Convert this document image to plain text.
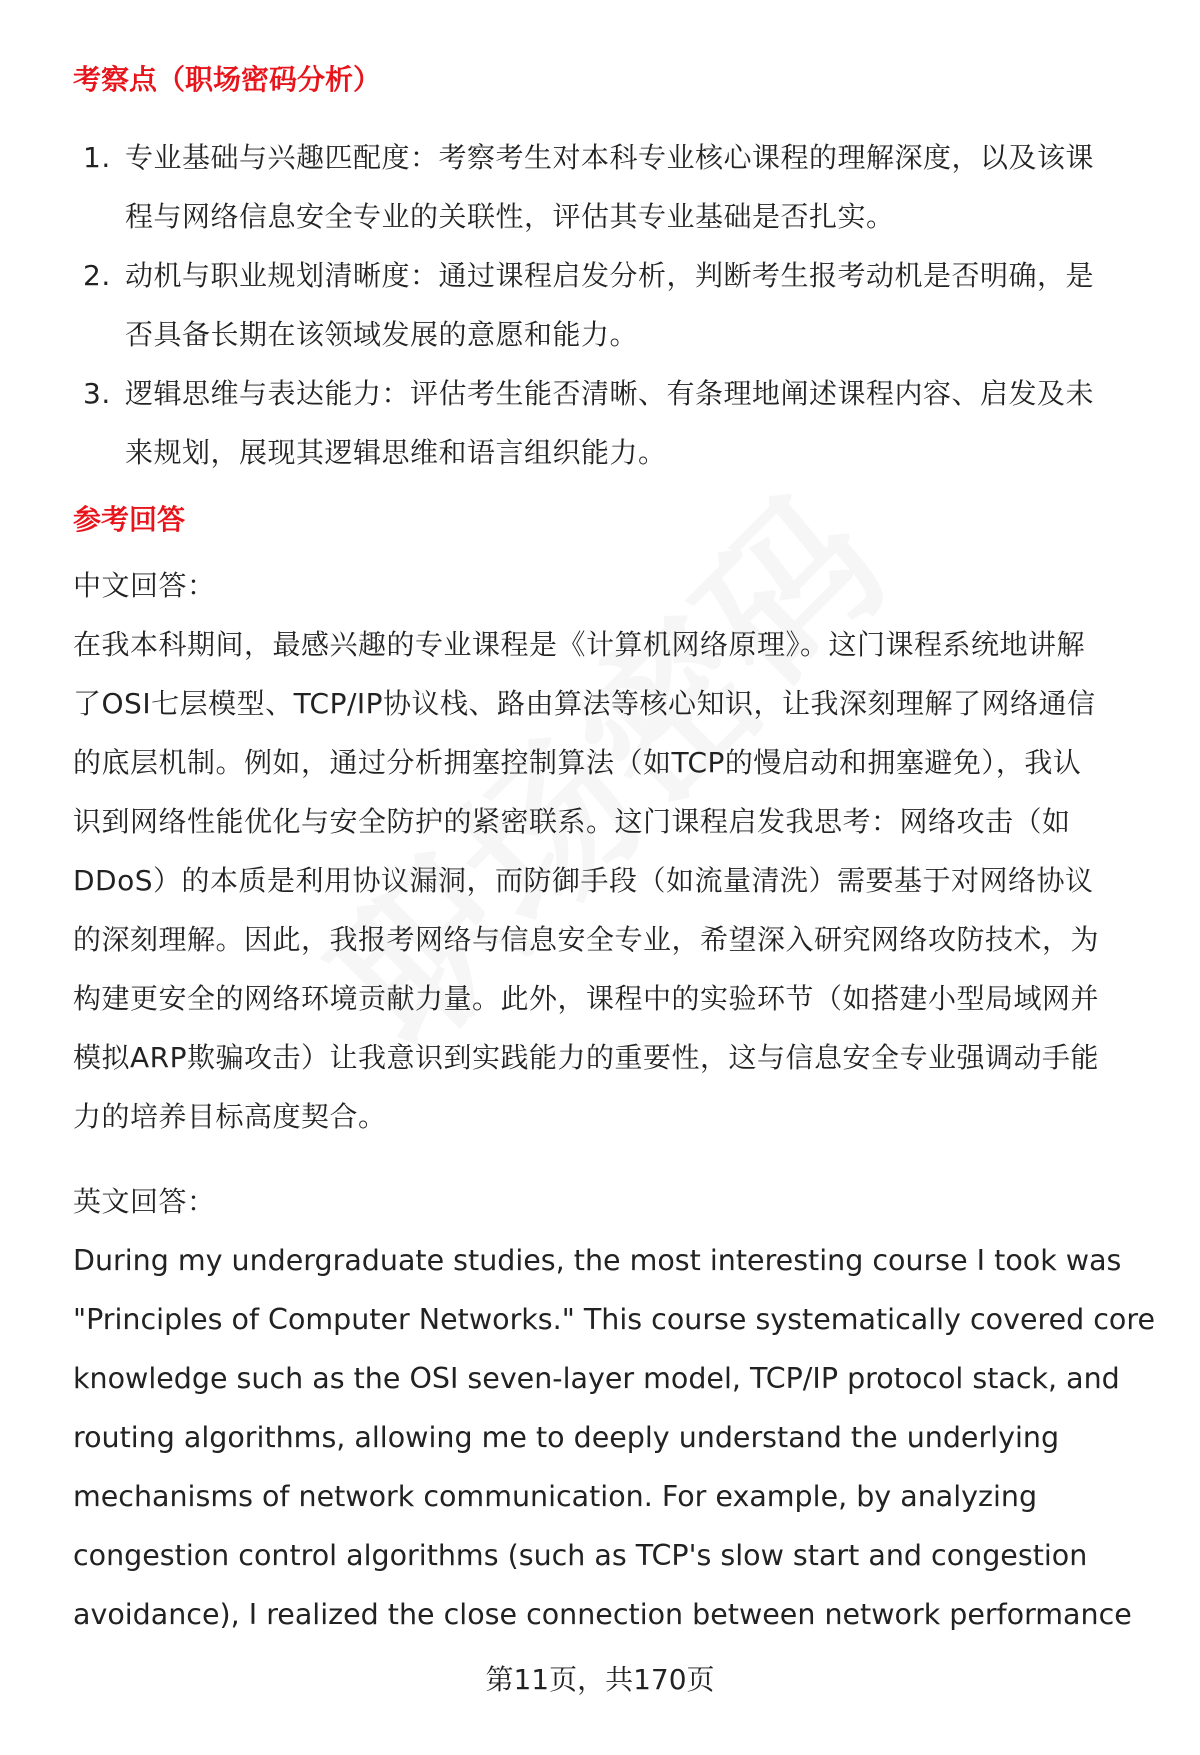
考察点（职场密码分析）
1. 专业基础与兴趣匹配度：考察考生对本科专业核心课程的理解深度，以及该课
程与网络信息安全专业的关联性，评估其专业基础是否扎实。
2. 动机与职业规划清晰度：通过课程启发分析，判断考生报考动机是否明确，是
否具备长期在该领域发展的意愿和能力。
3. 逻辑思维与表达能力：评估考生能否清晰、有条理地阐述课程内容、启发及未
来规划，展现其逻辑思维和语言组织能力。
参考回答
中文回答：
在我本科期间，最感兴趣的专业课程是《计算机网络原理》。这门课程系统地讲解
了OSI七层模型、TCP/IP协议栈、路由算法等核心知识，让我深刻理解了网络通信
的底层机制。例如，通过分析拥塞控制算法（如TCP的慢启动和拥塞避免），我认
识到网络性能优化与安全防护的紧密联系。这门课程启发我思考：网络攻击（如
DDoS）的本质是利用协议漏洞，而防御手段（如流量清洗）需要基于对网络协议
的深刻理解。因此，我报考网络与信息安全专业，希望深入研究网络攻防技术，为
构建更安全的网络环境贡献力量。此外，课程中的实验环节（如搭建小型局域网并
模拟ARP欺骗攻击）让我意识到实践能力的重要性，这与信息安全专业强调动手能
力的培养目标高度契合。
英文回答：
During my undergraduate studies, the most interesting course I took was
"Principles of Computer Networks." This course systematically covered core
knowledge such as the OSI seven-layer model, TCP/IP protocol stack, and
routing algorithms, allowing me to deeply understand the underlying
mechanisms of network communication. For example, by analyzing
congestion control algorithms (such as TCP's slow start and congestion
avoidance), I realized the close connection between network performance
第11页，共170页
